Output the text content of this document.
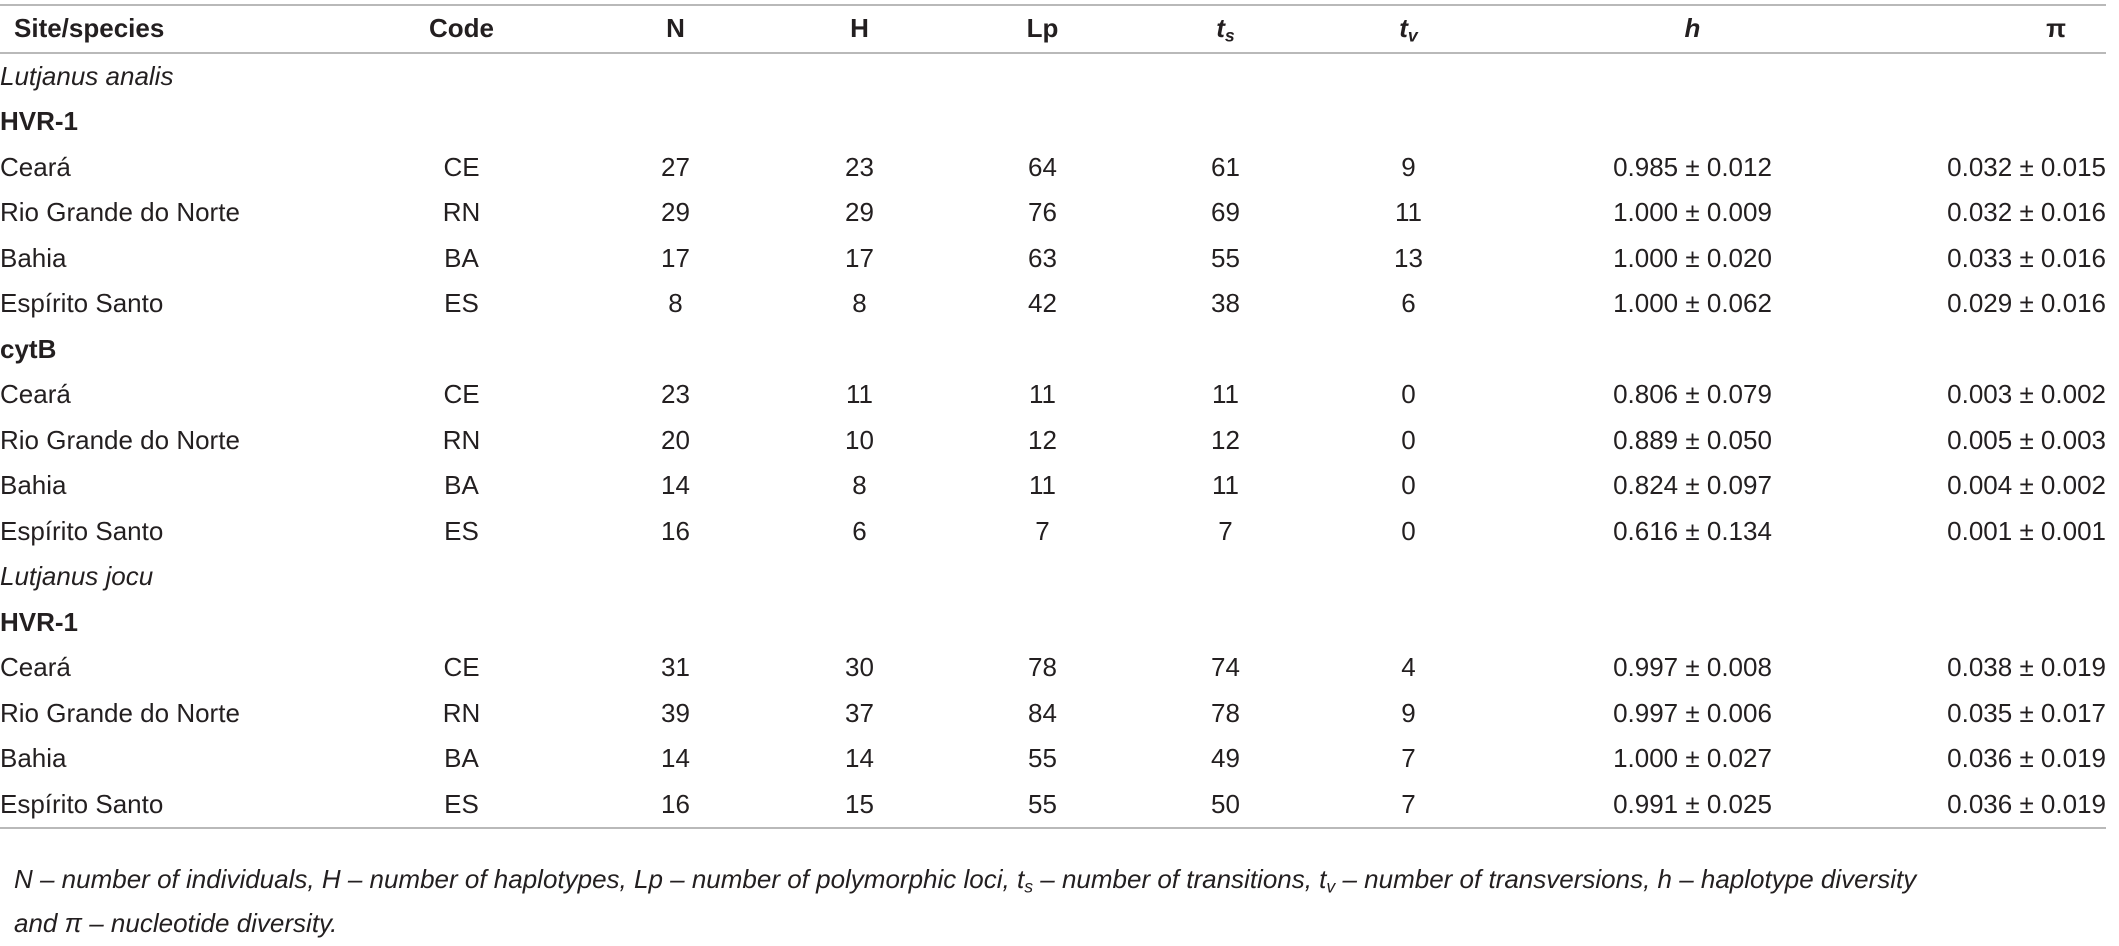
Site/species	Code	N	H	Lp	$t_s$	$t_v$	h	π
Lutjanus analis								
HVR-1								
Ceará	CE	27	23	64	61	9	0.985 ± 0.012	0.032 ± 0.015
Rio Grande do Norte	RN	29	29	76	69	11	1.000 ± 0.009	0.032 ± 0.016
Bahia	BA	17	17	63	55	13	1.000 ± 0.020	0.033 ± 0.016
Espírito Santo	ES	8	8	42	38	6	1.000 ± 0.062	0.029 ± 0.016
cytB								
Ceará	CE	23	11	11	11	0	0.806 ± 0.079	0.003 ± 0.002
Rio Grande do Norte	RN	20	10	12	12	0	0.889 ± 0.050	0.005 ± 0.003
Bahia	BA	14	8	11	11	0	0.824 ± 0.097	0.004 ± 0.002
Espírito Santo	ES	16	6	7	7	0	0.616 ± 0.134	0.001 ± 0.001
Lutjanus jocu								
HVR-1								
Ceará	CE	31	30	78	74	4	0.997 ± 0.008	0.038 ± 0.019
Rio Grande do Norte	RN	39	37	84	78	9	0.997 ± 0.006	0.035 ± 0.017
Bahia	BA	14	14	55	49	7	1.000 ± 0.027	0.036 ± 0.019
Espírito Santo	ES	16	15	55	50	7	0.991 ± 0.025	0.036 ± 0.019
N – number of individuals, H – number of haplotypes, Lp – number of polymorphic loci, $t_s$ – number of transitions, $t_v$ – number of transversions, h – haplotype diversity
and π – nucleotide diversity.
